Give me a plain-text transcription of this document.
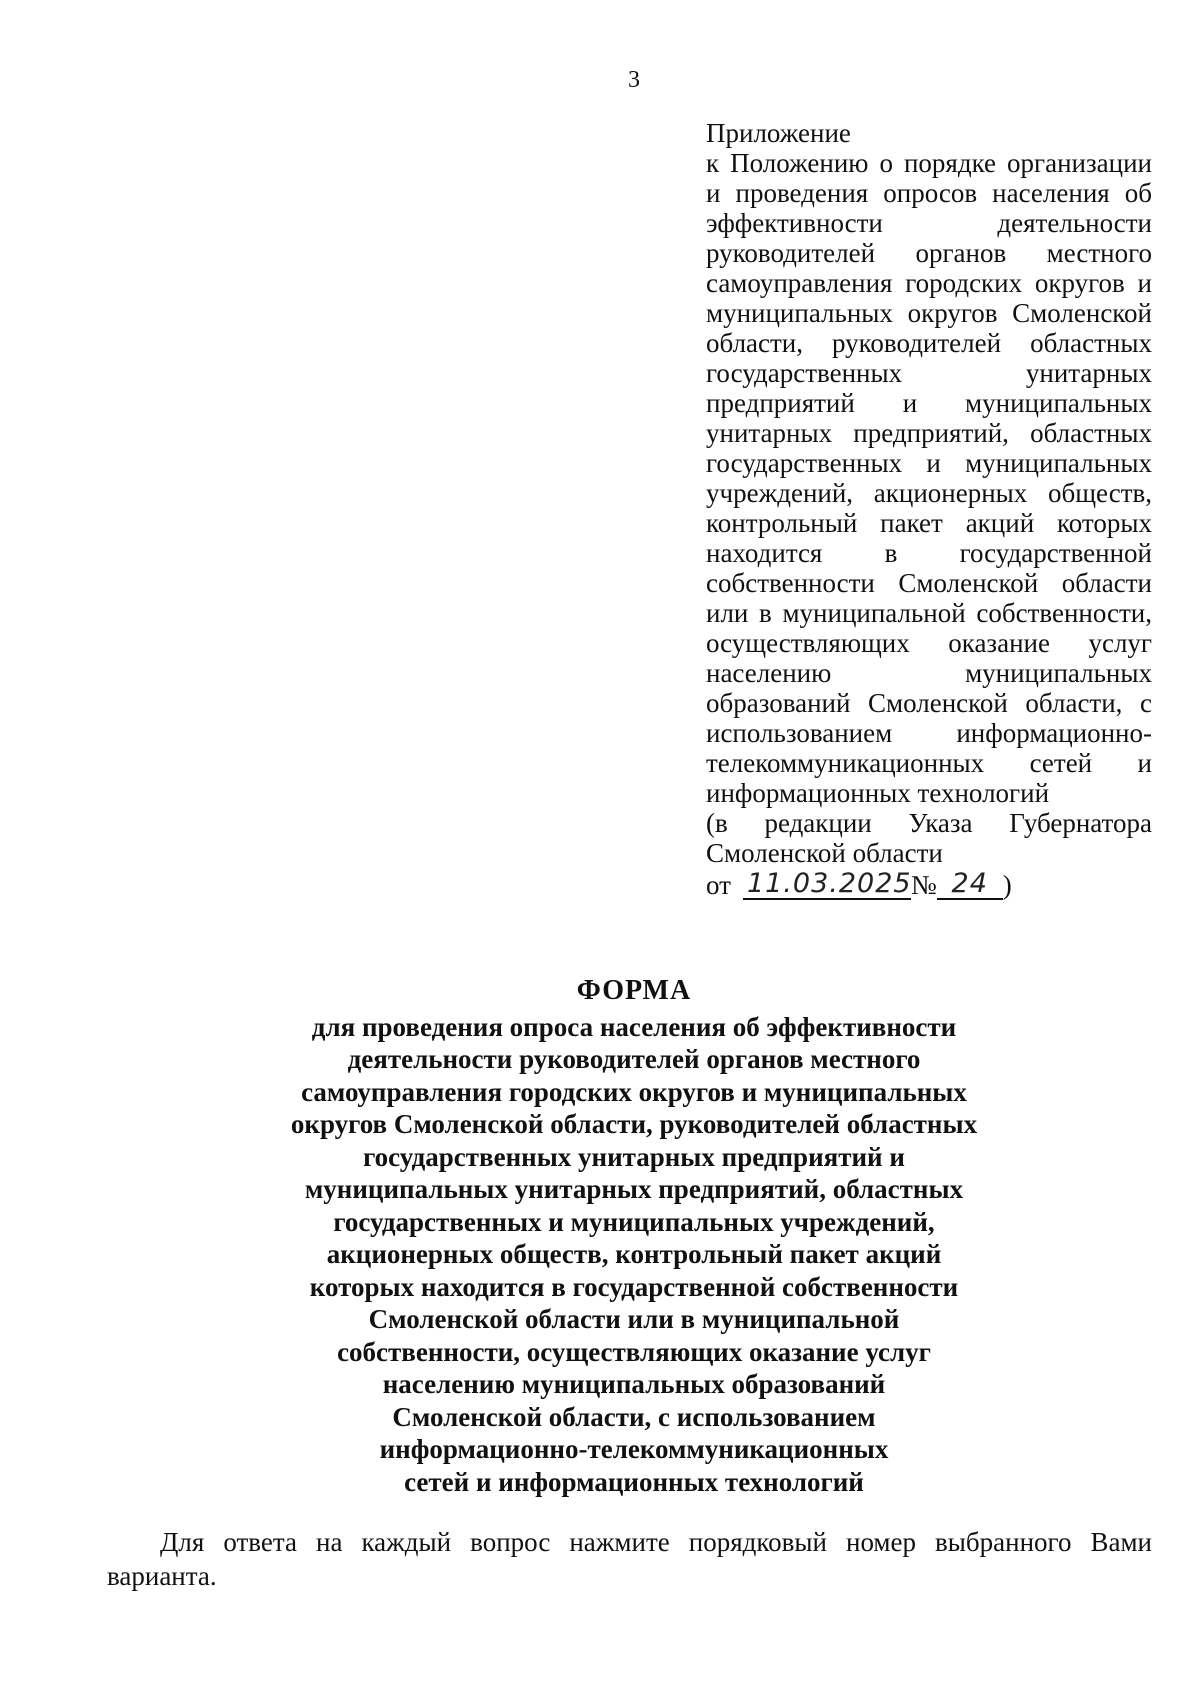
3
Приложение
к Положению о порядке организации
и проведения опросов населения об
эффективности деятельности
руководителей органов местного
самоуправления городских округов и
муниципальных округов Смоленской
области, руководителей областных
государственных унитарных
предприятий и муниципальных
унитарных предприятий, областных
государственных и муниципальных
учреждений, акционерных обществ,
контрольный пакет акций которых
находится в государственной
собственности Смоленской области
или в муниципальной собственности,
осуществляющих оказание услуг
населению муниципальных
образований Смоленской области, с
использованием информационно-
телекоммуникационных сетей и
информационных технологий
(в редакции Указа Губернатора
Смоленской области
от 11.03.2025 № 24 )
ФОРМА
для проведения опроса населения об эффективности
деятельности руководителей органов местного
самоуправления городских округов и муниципальных
округов Смоленской области, руководителей областных
государственных унитарных предприятий и
муниципальных унитарных предприятий, областных
государственных и муниципальных учреждений,
акционерных обществ, контрольный пакет акций
которых находится в государственной собственности
Смоленской области или в муниципальной
собственности, осуществляющих оказание услуг
населению муниципальных образований
Смоленской области, с использованием
информационно-телекоммуникационных
сетей и информационных технологий
Для ответа на каждый вопрос нажмите порядковый номер выбранного Вами
варианта.
